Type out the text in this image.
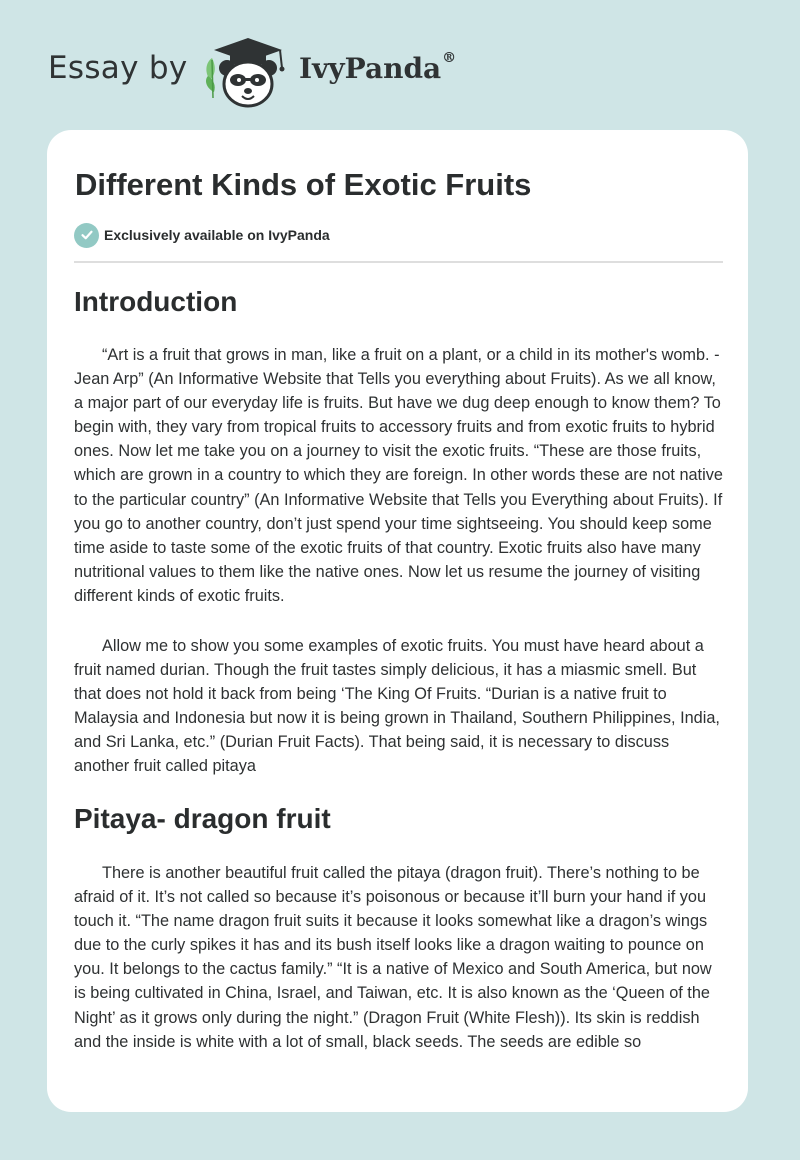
Essay by	IvyPanda®
Different Kinds of Exotic Fruits
Exclusively available on IvyPanda
Introduction

“Art is a fruit that grows in man, like a fruit on a plant, or a child in its mother's womb. -Jean Arp” (An Informative Website that Tells you everything about Fruits). As we all know, a major part of our everyday life is fruits. But have we dug deep enough to know them? To begin with, they vary from tropical fruits to accessory fruits and from exotic fruits to hybrid ones. Now let me take you on a journey to visit the exotic fruits. “These are those fruits, which are grown in a country to which they are foreign. In other words these are not native to the particular country” (An Informative Website that Tells you Everything about Fruits). If you go to another country, don’t just spend your time sightseeing. You should keep some time aside to taste some of the exotic fruits of that country. Exotic fruits also have many nutritional values to them like the native ones. Now let us resume the journey of visiting different kinds of exotic fruits.

Allow me to show you some examples of exotic fruits. You must have heard about a fruit named durian. Though the fruit tastes simply delicious, it has a miasmic smell. But that does not hold it back from being ‘The King Of Fruits. “Durian is a native fruit to Malaysia and Indonesia but now it is being grown in Thailand, Southern Philippines, India, and Sri Lanka, etc.” (Durian Fruit Facts). That being said, it is necessary to discuss another fruit called pitaya

Pitaya- dragon fruit

There is another beautiful fruit called the pitaya (dragon fruit). There’s nothing to be afraid of it. It’s not called so because it’s poisonous or because it’ll burn your hand if you touch it. “The name dragon fruit suits it because it looks somewhat like a dragon’s wings due to the curly spikes it has and its bush itself looks like a dragon waiting to pounce on you. It belongs to the cactus family.” “It is a native of Mexico and South America, but now is being cultivated in China, Israel, and Taiwan, etc. It is also known as the ‘Queen of the Night’ as it grows only during the night.” (Dragon Fruit (White Flesh)). Its skin is reddish and the inside is white with a lot of small, black seeds. The seeds are edible so
